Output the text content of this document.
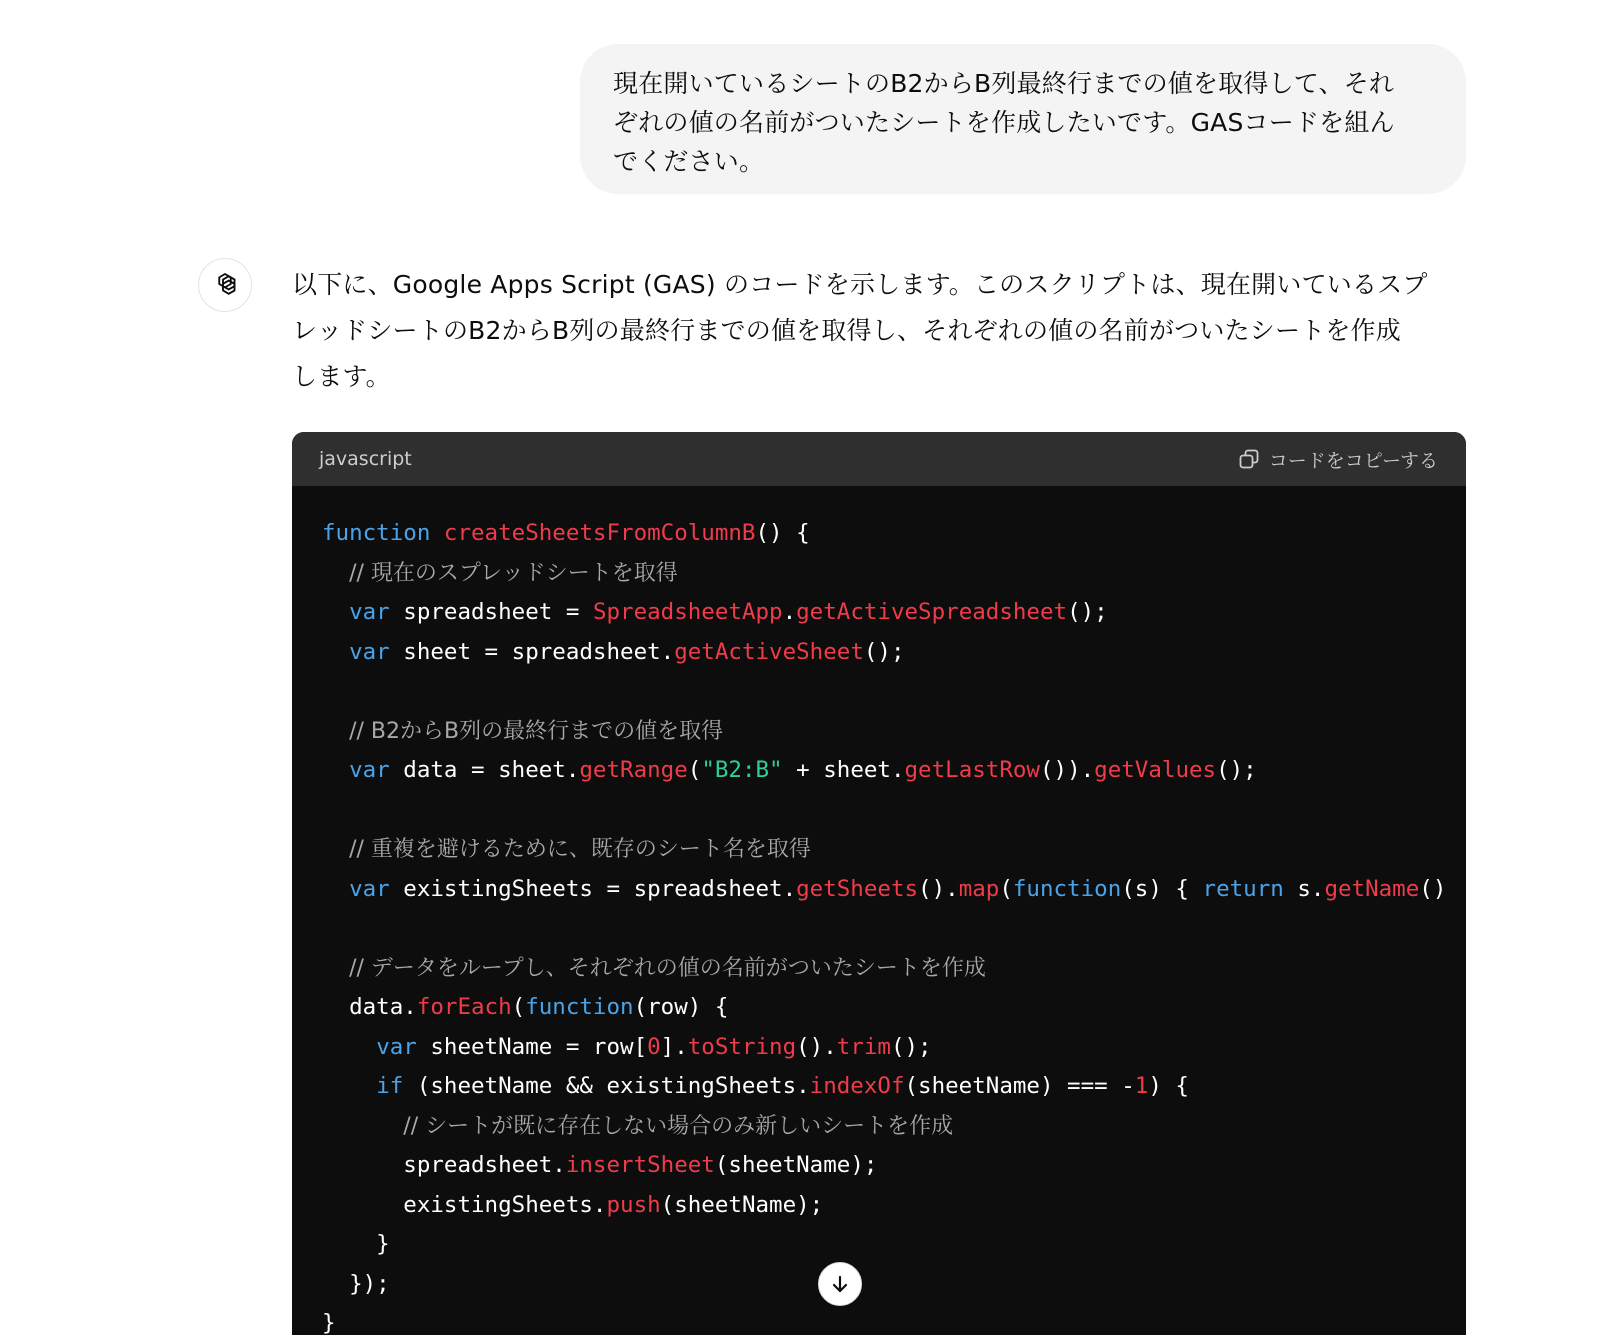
現在開いているシートのB2からB列最終行までの値を取得して、それ
ぞれの値の名前がついたシートを作成したいです。GASコードを組ん
でください。
以下に、Google Apps Script (GAS) のコードを示します。このスクリプトは、現在開いているスプ
レッドシートのB2からB列の最終行までの値を取得し、それぞれの値の名前がついたシートを作成
します。
javascript	コードをコピーする
function createSheetsFromColumnB() {
// 現在のスプレッドシートを取得
var spreadsheet = SpreadsheetApp.getActiveSpreadsheet();
var sheet = spreadsheet.getActiveSheet();
// B2からB列の最終行までの値を取得
var data = sheet.getRange("B2:B" + sheet.getLastRow()).getValues();
// 重複を避けるために、既存のシート名を取得
var existingSheets = spreadsheet.getSheets().map(function(s) { return s.getName()
// データをループし、それぞれの値の名前がついたシートを作成
data.forEach(function(row) {
var sheetName = row[0].toString().trim();
if (sheetName && existingSheets.indexOf(sheetName) === -1) {
// シートが既に存在しない場合のみ新しいシートを作成
spreadsheet.insertSheet(sheetName);
existingSheets.push(sheetName);
}
});
}
